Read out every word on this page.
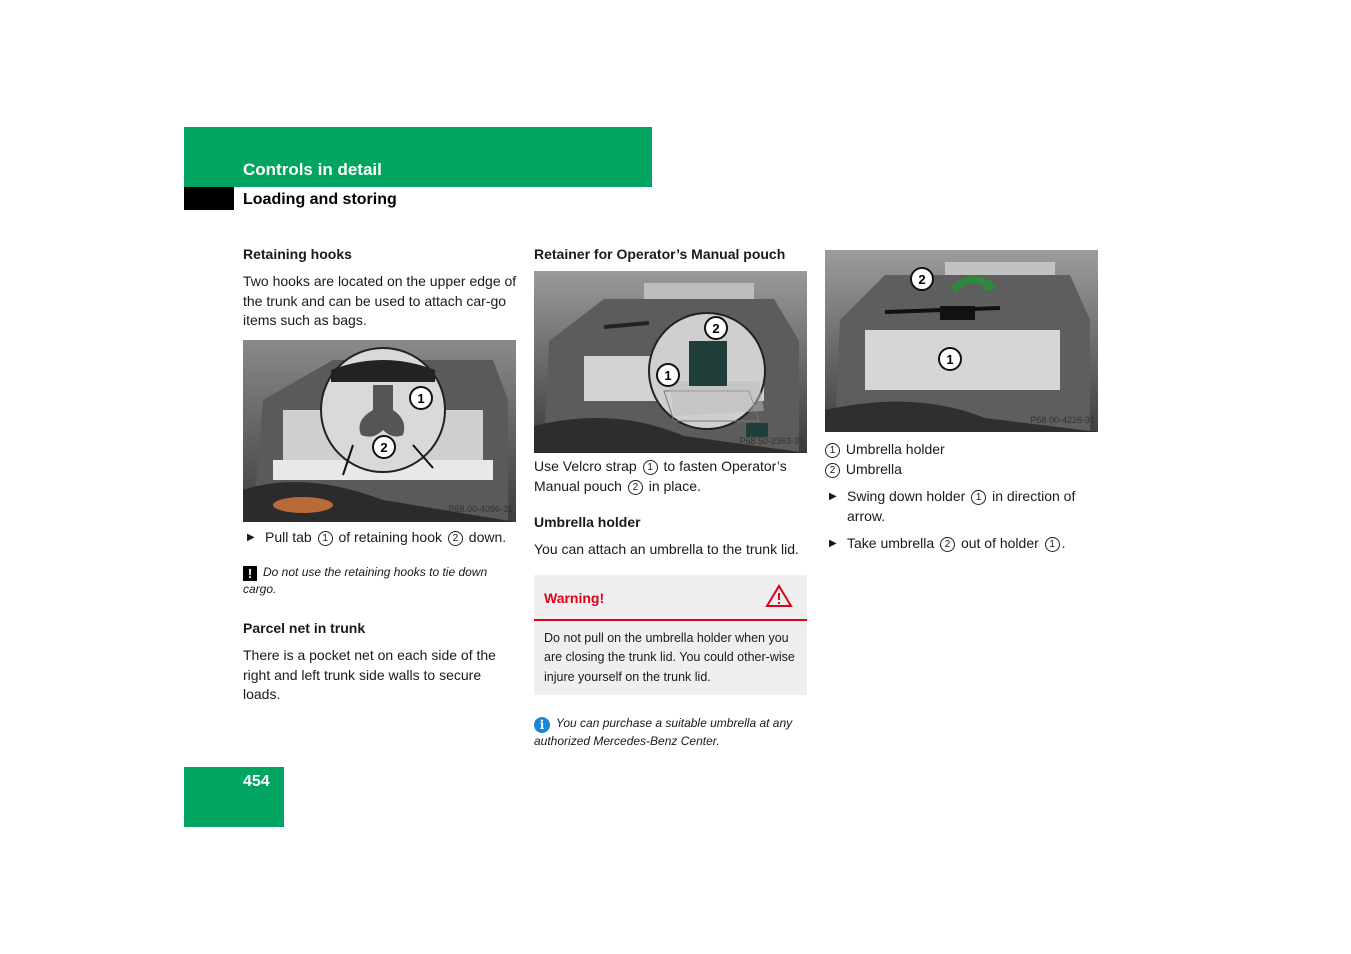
Controls in detail
Loading and storing
Retaining hooks

Two hooks are located on the upper edge of the trunk and can be used to attach car-go items such as bags.

1
2
P68.00-4096-31
▶ Pull tab 1 of retaining hook 2 down.

! Do not use the retaining hooks to tie down cargo.

Parcel net in trunk

There is a pocket net on each side of the right and left trunk side walls to secure loads.

Retainer for Operator’s Manual pouch
2
1
P68.50-2363-31

Use Velcro strap 1 to fasten Operator’s Manual pouch 2 in place.

Umbrella holder

You can attach an umbrella to the trunk lid.

Warning!
Do not pull on the umbrella holder when you are closing the trunk lid. You could other-wise injure yourself on the trunk lid.

i You can purchase a suitable umbrella at any authorized Mercedes-Benz Center.

2
1
P68.00-4226-31

1 Umbrella holder

2 Umbrella

▶ Swing down holder 1 in direction of arrow.
▶ Take umbrella 2 out of holder 1 .
454
